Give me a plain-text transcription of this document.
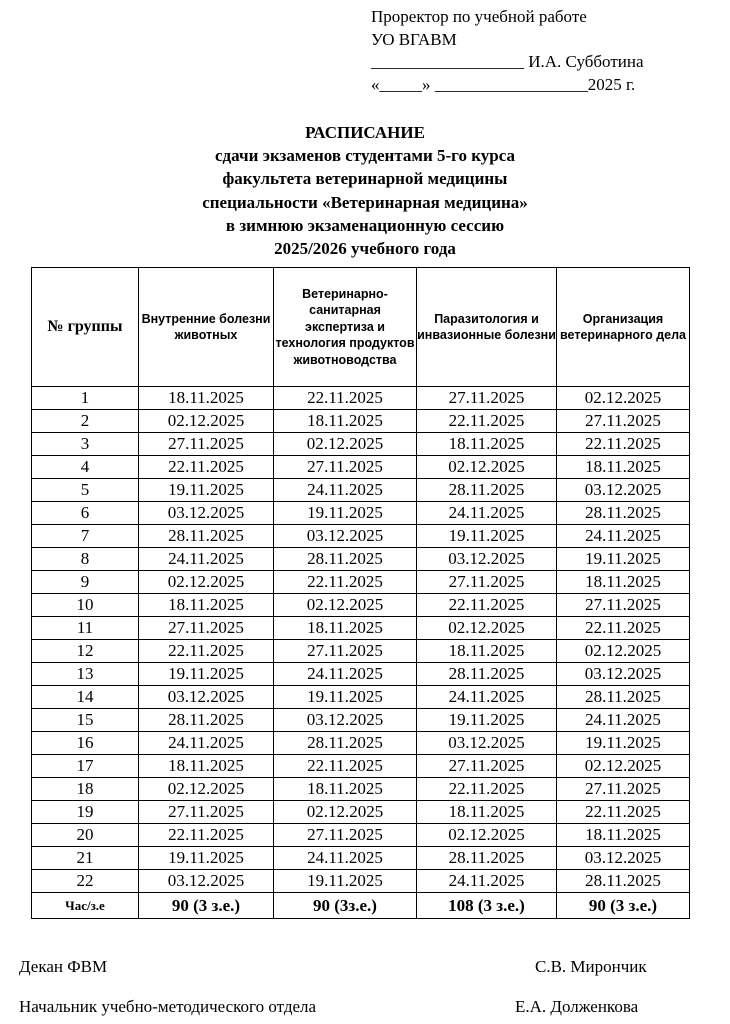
Проректор по учебной работе
УО ВГАВМ
__________________ И.А. Субботина
«_____» __________________2025 г.
РАСПИСАНИЕ
сдачи экзаменов студентами 5-го курса
факультета ветеринарной медицины
специальности «Ветеринарная медицина»
в зимнюю экзаменационную сессию
2025/2026 учебного года
№ группы	Внутренние болезни животных	Ветеринарно-санитарная экспертиза и технология продуктов животноводства	Паразитология и инвазионные болезни	Организация ветеринарного дела
1	18.11.2025	22.11.2025	27.11.2025	02.12.2025
2	02.12.2025	18.11.2025	22.11.2025	27.11.2025
3	27.11.2025	02.12.2025	18.11.2025	22.11.2025
4	22.11.2025	27.11.2025	02.12.2025	18.11.2025
5	19.11.2025	24.11.2025	28.11.2025	03.12.2025
6	03.12.2025	19.11.2025	24.11.2025	28.11.2025
7	28.11.2025	03.12.2025	19.11.2025	24.11.2025
8	24.11.2025	28.11.2025	03.12.2025	19.11.2025
9	02.12.2025	22.11.2025	27.11.2025	18.11.2025
10	18.11.2025	02.12.2025	22.11.2025	27.11.2025
11	27.11.2025	18.11.2025	02.12.2025	22.11.2025
12	22.11.2025	27.11.2025	18.11.2025	02.12.2025
13	19.11.2025	24.11.2025	28.11.2025	03.12.2025
14	03.12.2025	19.11.2025	24.11.2025	28.11.2025
15	28.11.2025	03.12.2025	19.11.2025	24.11.2025
16	24.11.2025	28.11.2025	03.12.2025	19.11.2025
17	18.11.2025	22.11.2025	27.11.2025	02.12.2025
18	02.12.2025	18.11.2025	22.11.2025	27.11.2025
19	27.11.2025	02.12.2025	18.11.2025	22.11.2025
20	22.11.2025	27.11.2025	02.12.2025	18.11.2025
21	19.11.2025	24.11.2025	28.11.2025	03.12.2025
22	03.12.2025	19.11.2025	24.11.2025	28.11.2025
Час/з.е	90 (3 з.е.)	90 (3з.е.)	108 (3 з.е.)	90 (3 з.е.)
Декан ФВМ	С.В. Мирончик
Начальник учебно-методического отдела	Е.А. Долженкова
